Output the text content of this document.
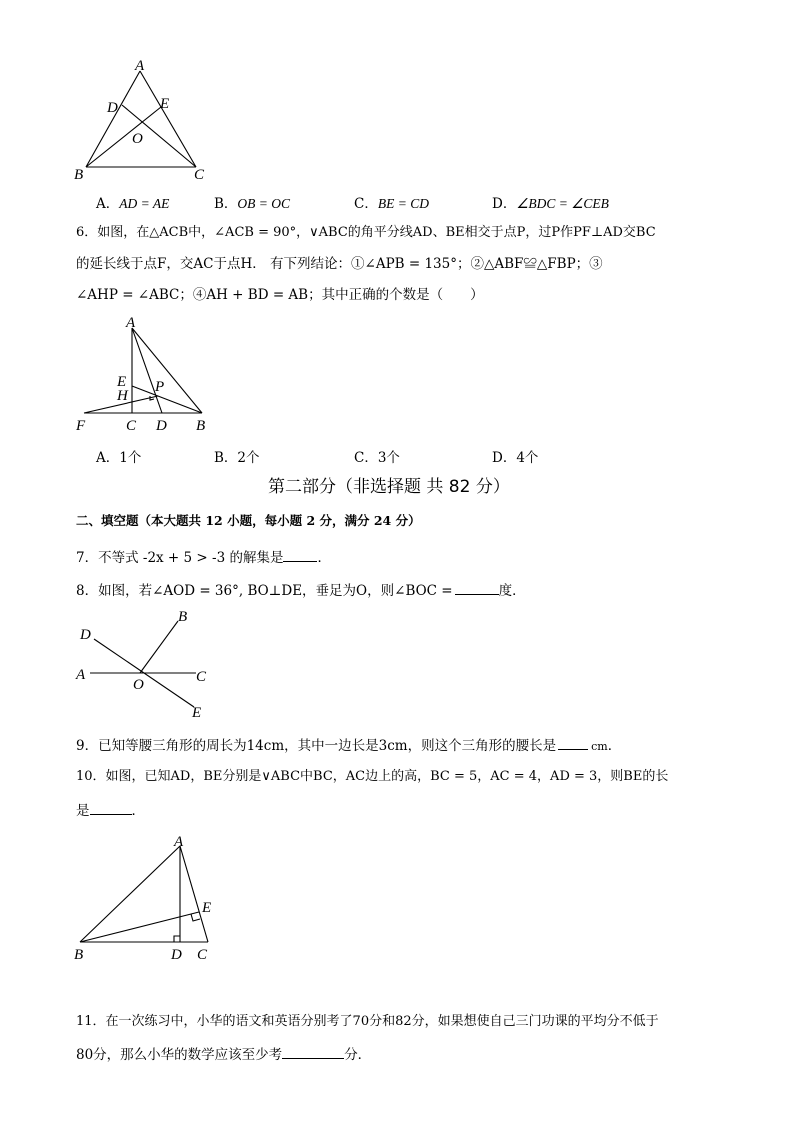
A
D	E
O
B	C
A．AD = AE	B．OB = OC	C．BE = CD	D．∠BDC = ∠CEB
6．如图，在△ACB中，∠ACB = 90°，∨ABC的角平分线AD、BE相交于点P，过P作PF⊥AD交BC
的延长线于点F，交AC于点H． 有下列结论：①∠APB = 135°；②△ABF≌△FBP；③
∠AHP = ∠ABC；④AH + BD = AB；其中正确的个数是（　　）
A
E
H
P
F	C D B
A．1个	B．2个	C．3个	D．4个
第二部分（非选择题 共 82 分）
二、填空题（本大题共 12 小题，每小题 2 分，满分 24 分）
7．不等式 -2x + 5 > -3 的解集是	．
8．如图，若∠AOD = 36°, BO⊥DE，垂足为O，则∠BOC =	度．
D
B
A
O	C
E
9．已知等腰三角形的周长为14cm，其中一边长是3cm，则这个三角形的腰长是	cm．
10．如图，已知AD，BE分别是∨ABC中BC，AC边上的高，BC = 5，AC = 4，AD = 3，则BE的长
是	．
A
E
B	D C
11．在一次练习中，小华的语文和英语分别考了70分和82分，如果想使自己三门功课的平均分不低于
80分，那么小华的数学应该至少考	分．
